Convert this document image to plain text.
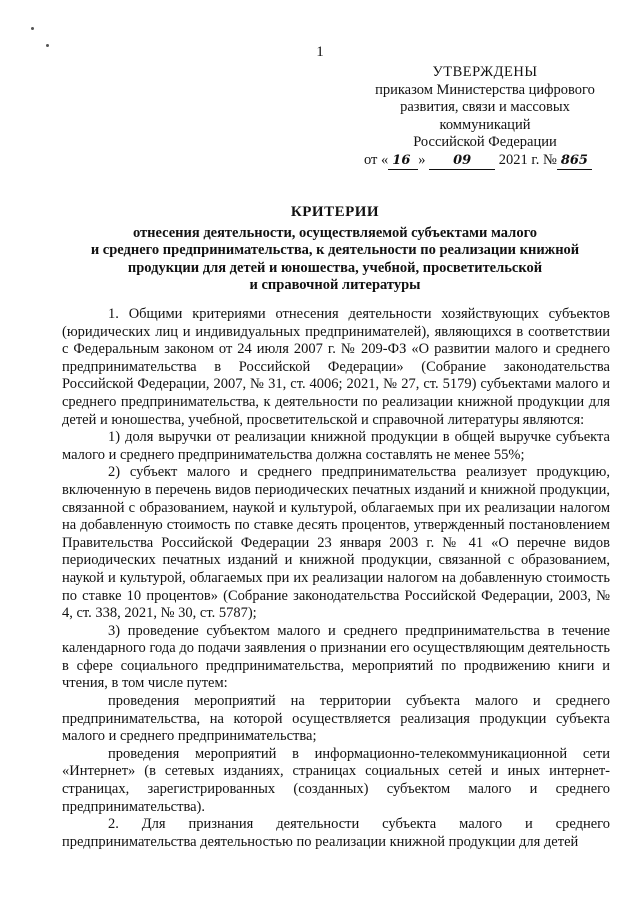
1
УТВЕРЖДЕНЫ
приказом Министерства цифрового
развития, связи и массовых
коммуникаций
Российской Федерации
от « 16 » 09 2021 г. № 865
КРИТЕРИИ
отнесения деятельности, осуществляемой субъектами малого
и среднего предпринимательства, к деятельности по реализации книжной
продукции для детей и юношества, учебной, просветительской
и справочной литературы

1. Общими критериями отнесения деятельности хозяйствующих субъектов (юридических лиц и индивидуальных предпринимателей), являющихся в соответствии с Федеральным законом от 24 июля 2007 г. № 209-ФЗ «О развитии малого и среднего предпринимательства в Российской Федерации» (Собрание законодательства Российской Федерации, 2007, № 31, ст. 4006; 2021, № 27, ст. 5179) субъектами малого и среднего предпринимательства, к деятельности по реализации книжной продукции для детей и юношества, учебной, просветительской и справочной литературы являются:

1) доля выручки от реализации книжной продукции в общей выручке субъекта малого и среднего предпринимательства должна составлять не менее 55%;

2) субъект малого и среднего предпринимательства реализует продукцию, включенную в перечень видов периодических печатных изданий и книжной продукции, связанной с образованием, наукой и культурой, облагаемых при их реализации налогом на добавленную стоимость по ставке десять процентов, утвержденный постановлением Правительства Российской Федерации 23 января 2003 г. № 41 «О перечне видов периодических печатных изданий и книжной продукции, связанной с образованием, наукой и культурой, облагаемых при их реализации налогом на добавленную стоимость по ставке 10 процентов» (Собрание законодательства Российской Федерации, 2003, № 4, ст. 338, 2021, № 30, ст. 5787);

3) проведение субъектом малого и среднего предпринимательства в течение календарного года до подачи заявления о признании его осуществляющим деятельность в сфере социального предпринимательства, мероприятий по продвижению книги и чтения, в том числе путем:

проведения мероприятий на территории субъекта малого и среднего предпринимательства, на которой осуществляется реализация продукции субъекта малого и среднего предпринимательства;

проведения мероприятий в информационно-телекоммуникационной сети «Интернет» (в сетевых изданиях, страницах социальных сетей и иных интернет-страницах, зарегистрированных (созданных) субъектом малого и среднего предпринимательства).

2. Для признания деятельности субъекта малого и среднего предпринимательства деятельностью по реализации книжной продукции для детей
